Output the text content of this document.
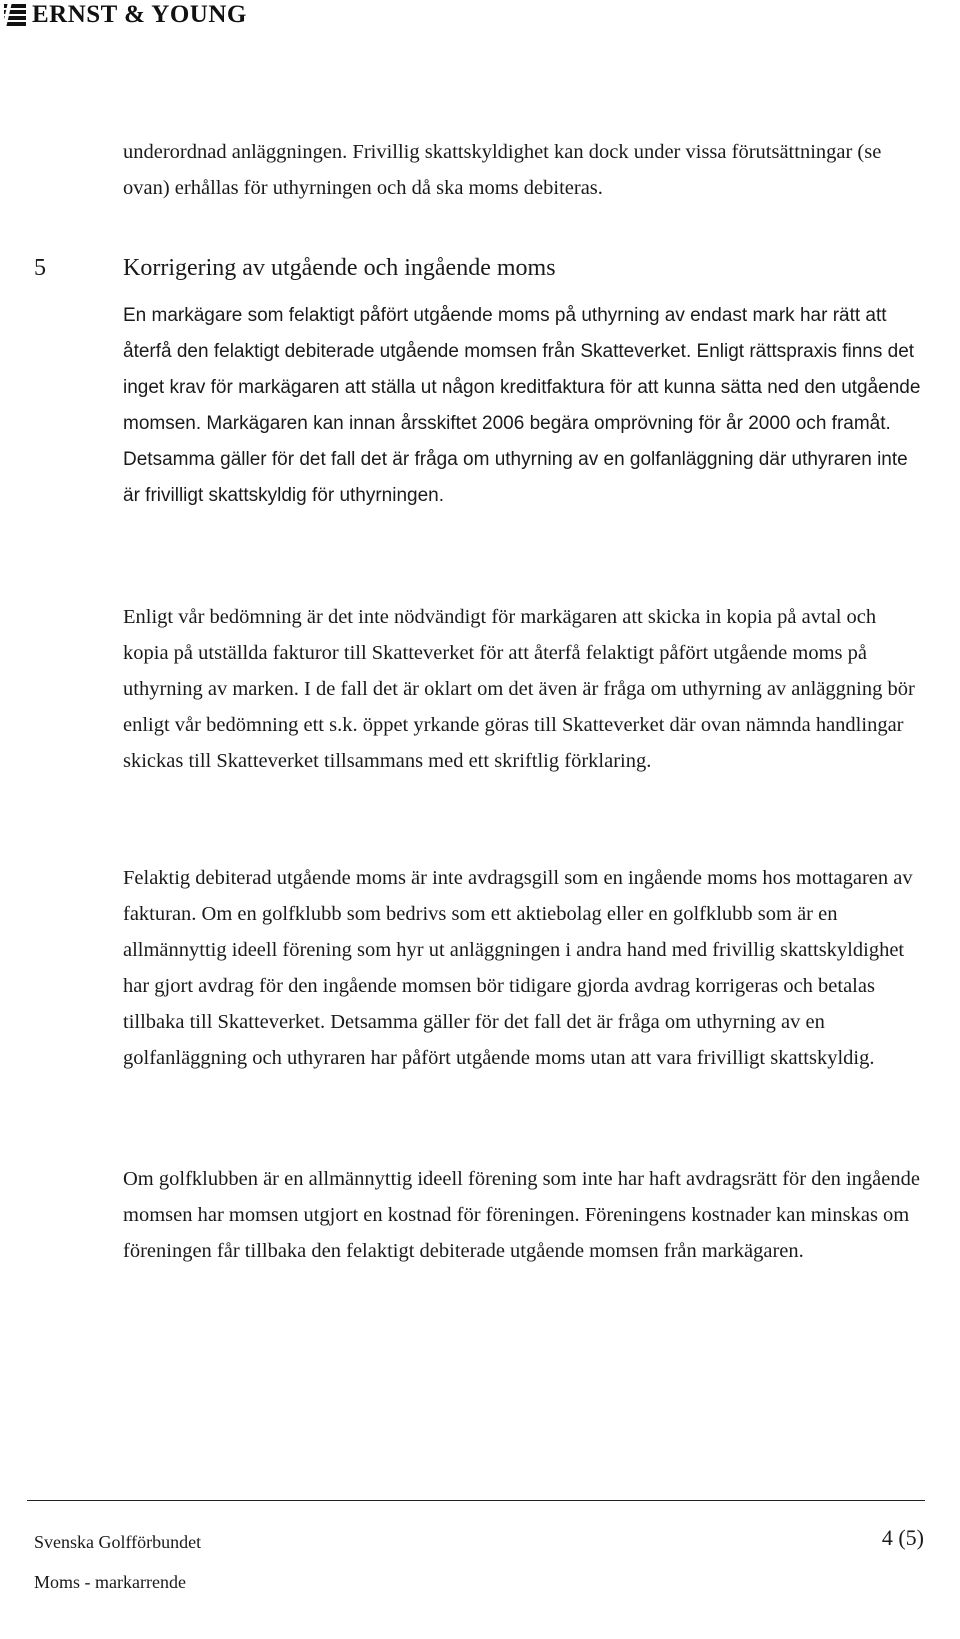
ERNST & YOUNG

underordnad anläggningen. Frivillig skattskyldighet kan dock under vissa förutsättningar (se ovan) erhållas för uthyrningen och då ska moms debiteras.

5	Korrigering av utgående och ingående moms

En markägare som felaktigt påfört utgående moms på uthyrning av endast mark har rätt att återfå den felaktigt debiterade utgående momsen från Skatteverket. Enligt rättspraxis finns det inget krav för markägaren att ställa ut någon kreditfaktura för att kunna sätta ned den utgående momsen. Markägaren kan innan årsskiftet 2006 begära omprövning för år 2000 och framåt. Detsamma gäller för det fall det är fråga om uthyrning av en golfanläggning där uthyraren inte är frivilligt skattskyldig för uthyrningen.

Enligt vår bedömning är det inte nödvändigt för markägaren att skicka in kopia på avtal och kopia på utställda fakturor till Skatteverket för att återfå felaktigt påfört utgående moms på uthyrning av marken. I de fall det är oklart om det även är fråga om uthyrning av anläggning bör enligt vår bedömning ett s.k. öppet yrkande göras till Skatteverket där ovan nämnda handlingar skickas till Skatteverket tillsammans med ett skriftlig förklaring.

Felaktig debiterad utgående moms är inte avdragsgill som en ingående moms hos mottagaren av fakturan. Om en golfklubb som bedrivs som ett aktiebolag eller en golfklubb som är en allmännyttig ideell förening som hyr ut anläggningen i andra hand med frivillig skattskyldighet har gjort avdrag för den ingående momsen bör tidigare gjorda avdrag korrigeras och betalas tillbaka till Skatteverket. Detsamma gäller för det fall det är fråga om uthyrning av en golfanläggning och uthyraren har påfört utgående moms utan att vara frivilligt skattskyldig.

Om golfklubben är en allmännyttig ideell förening som inte har haft avdragsrätt för den ingående momsen har momsen utgjort en kostnad för föreningen. Föreningens kostnader kan minskas om föreningen får tillbaka den felaktigt debiterade utgående momsen från markägaren.

Svenska Golfförbundet
Moms - markarrende
4 (5)
